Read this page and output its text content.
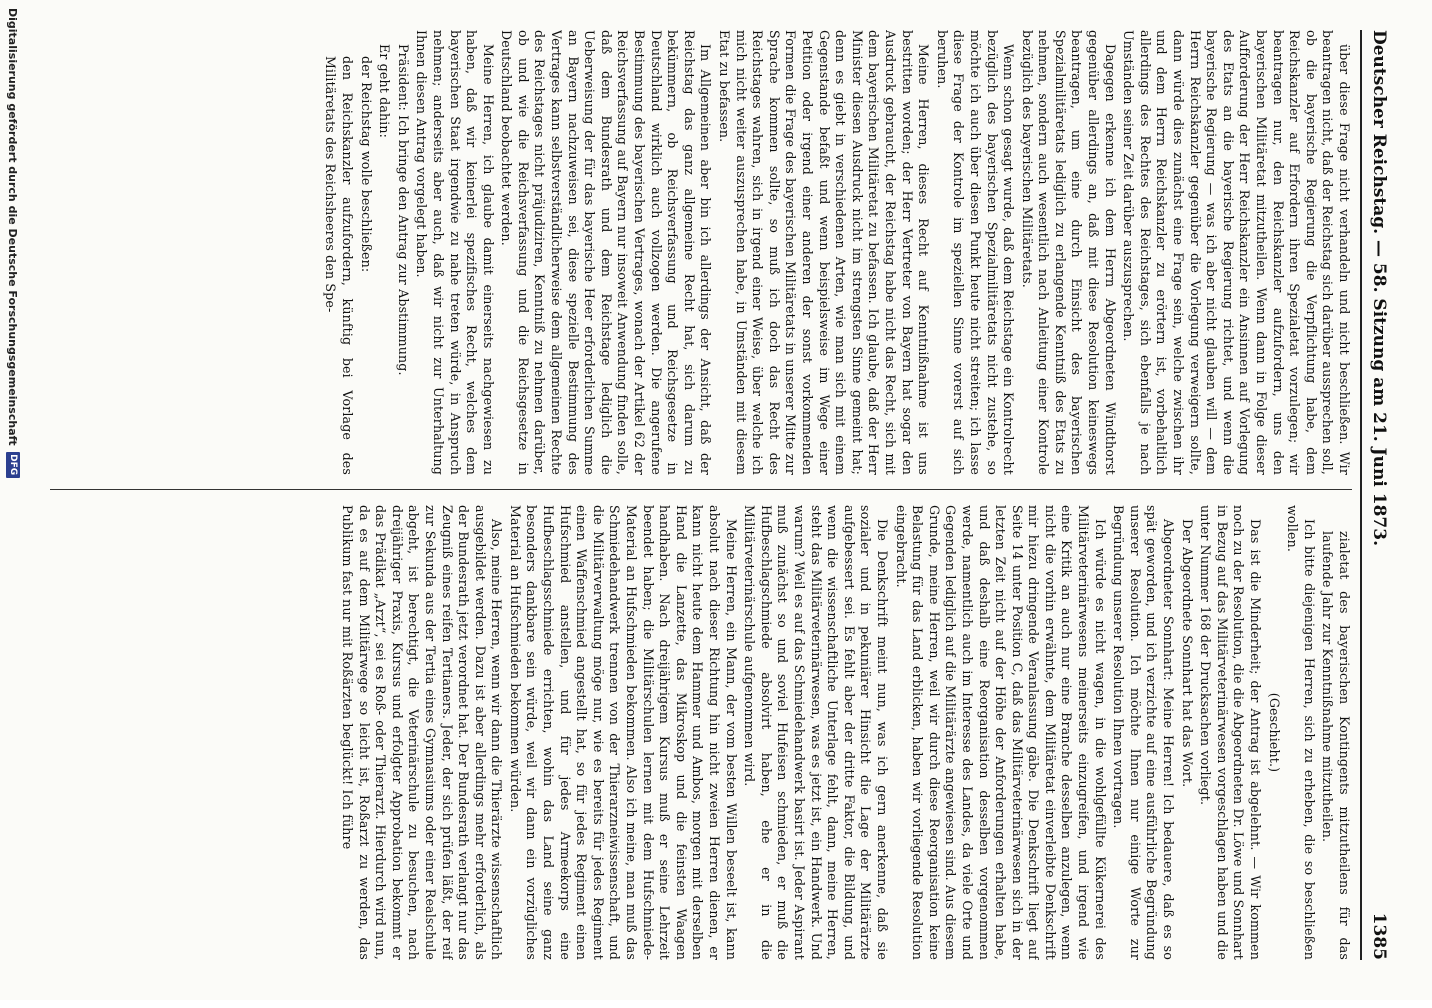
Deutscher Reichstag. — 58. Sitzung am 21. Juni 1873.
1385

über diese Frage nicht verhandeln und nicht beschließen. Wir beantragen nicht, daß der Reichstag sich darüber aussprechen soll, ob die bayerische Regierung die Verpflichtung habe, dem Reichskanzler auf Erfordern ihren Spezialetat vorzulegen; wir beantragen nur, den Reichskanzler aufzufordern, uns den bayerischen Militäretat mitzutheilen. Wenn dann in Folge dieser Aufforderung der Herr Reichskanzler ein Ansinnen auf Vorlegung des Etats an die bayerische Regierung richtet, und wenn die bayerische Regierung — was ich aber nicht glauben will — dem Herrn Reichskanzler gegenüber die Vorlegung verweigern sollte, dann würde dies zunächst eine Frage sein, welche zwischen ihr und dem Herrn Reichskanzler zu erörtern ist, vorbehaltlich allerdings des Rechtes des Reichstages, sich ebenfalls je nach Umständen seiner Zeit darüber auszusprechen.

Dagegen erkenne ich dem Herrn Abgeordneten Windthorst gegenüber allerdings an, daß mit diese Resolution keineswegs beantragen, um eine durch Einsicht des bayerischen Spezialmilitäretats lediglich zu erlangende Kenntniß des Etats zu nehmen, sondern auch wesentlich nach Anleitung einer Kontrole bezüglich des bayerischen Militäretats.

Wenn schon gesagt wurde, daß dem Reichstage ein Kontrolrecht bezüglich des bayerischen Spezialmilitäretats nicht zustehe, so möchte ich auch über diesen Punkt heute nicht streiten; ich lasse diese Frage der Kontrole im speziellen Sinne vorerst auf sich beruhen.

Meine Herren, dieses Recht auf Kenntnißnahme ist uns bestritten worden; der Herr Vertreter von Bayern hat sogar den Ausdruck gebraucht, der Reichstag habe nicht das Recht, sich mit dem bayerischen Militäretat zu befassen. Ich glaube, daß der Herr Minister diesen Ausdruck nicht im strengsten Sinne gemeint hat; denn es giebt in verschiedenen Arten, wie man sich mit einem Gegenstande befaßt und wenn beispielsweise im Wege einer Petition oder irgend einer anderen der sonst vorkommenden Formen die Frage des bayerischen Militäretats in unserer Mitte zur Sprache kommen sollte, so muß ich doch das Recht des Reichstages wahren, sich in irgend einer Weise, über welche ich mich nicht weiter auszusprechen habe, in Umständen mit diesem Etat zu befassen.

Im Allgemeinen aber bin ich allerdings der Ansicht, daß der Reichstag das ganz allgemeine Recht hat, sich darum zu bekümmern, ob Reichsverfassung und Reichsgesetze in Deutschland wirklich auch vollzogen werden. Die angerufene Bestimmung des bayerischen Vertrages, wonach der Artikel 62 der Reichsverfassung auf Bayern nur insoweit Anwendung finden solle, daß dem Bundesrath und dem Reichstage lediglich die Ueberweisung der für das bayerische Heer erforderlichen Summe an Bayern nachzuweisen sei, diese spezielle Bestimmung des Vertrages kann selbstverständlicherweise dem allgemeinen Rechte des Reichstages nicht präjudiziren, Kenntniß zu nehmen darüber, ob und wie die Reichsverfassung und die Reichsgesetze in Deutschland beobachtet werden.

Meine Herren, ich glaube damit einerseits nachgewiesen zu haben, daß wir keinerlei spezifisches Recht, welches dem bayerischen Staat irgendwie zu nahe treten würde, in Anspruch nehmen; anderseits aber auch, daß wir nicht zur Unterhaltung Ihnen diesen Antrag vorgelegt haben.

Präsident: Ich bringe den Antrag zur Abstimmung.

Er geht dahin:

der Reichstag wolle beschließen:

den Reichskanzler aufzufordern, künftig bei Vorlage des Militäretats des Reichsheeres den Spe-

zialetat des bayerischen Kontingents mitzutheilens für das laufende Jahr zur Kenntnißnahme mitzutheilen.

Ich bitte diejenigen Herren, sich zu erheben, die so beschließen wollen.

(Geschieht.)

Das ist die Minderheit; der Antrag ist abgelehnt. — Wir kommen noch zu der Resolution, die die Abgeordneten Dr. Löwe und Sonnhart in Bezug auf das Militärveterinärwesen vorgeschlagen haben und die unter Nummer 168 der Drucksachen vorliegt.

Der Abgeordnete Sonnhart hat das Wort.

Abgeordneter Sonnhart: Meine Herren! Ich bedauere, daß es so spät geworden, und ich verzichte auf eine ausführliche Begründung unserer Resolution. Ich möchte Ihnen nur einige Worte zur Begründung unserer Resolution Ihnen vortragen.

Ich würde es nicht wagen, in die wohlgefüllte Kükernerei des Militärveterinärwesens meinerseits einzugreifen, und irgend wie eine Kritik an auch nur eine Branche desselben anzulegen, wenn nicht die vorhin erwähnte, dem Militäretat einverleibte Denkschrift mir hiezu dringende Veranlassung gäbe. Die Denkschrift liegt auf Seite 14 unter Position C, daß das Militärveterinärwesen sich in der letzten Zeit nicht auf der Höhe der Anforderungen erhalten habe, und daß deshalb eine Reorganisation desselben vorgenommen werde, namentlich auch im Interesse des Landes, da viele Orte und Gegenden lediglich auf die Militärärzte angewiesen sind. Aus diesem Grunde, meine Herren, weil wir durch diese Reorganisation keine Belastung für das Land erblicken, haben wir vorliegende Resolution eingebracht.

Die Denkschrift meint nun, was ich gern anerkenne, daß sie sozialer und in pekuniärer Hinsicht die Lage der Militärärzte aufgebessert sei. Es fehlt aber der dritte Faktor, die Bildung, und wenn die wissenschaftliche Unterlage fehlt, dann, meine Herren, steht das Militärveterinärwesen, was es jetzt ist, ein Handwerk. Und warum? Weil es auf das Schmiedehandwerk basirt ist. Jeder Aspirant muß zunächst so und soviel Hufeisen schmieden, er muß die Hufbeschlagschmiede absolvirt haben, ehe er in die Militärveterinärschule aufgenommen wird.

Meine Herren, ein Mann, der vom besten Willen beseelt ist, kann absolut nach dieser Richtung hin nicht zweien Herren dienen, er kann nicht heute dem Hammer und Ambos, morgen mit derselben Hand die Lanzette, das Mikroskop und die feinsten Waagen handhaben. Nach dreijährigem Kursus muß er seine Lehrzeit beendet haben; die Militärschulen lernen mit dem Hufschmiede-Material an Hufschmieden bekommen. Also ich meine, man muß das Schmiedehandwerk trennen von der Thierarzneiwissenschaft, und die Militärverwaltung möge nur, wie es bereits für jedes Regiment einen Waffenschmied angestellt hat, so für jedes Regiment einen Hufschmied anstellen, und für jedes Armeekorps eine Hufbeschlagsschmiede errichten, wohin das Land seine ganz besonders dankbare sein würde, weil wir dann ein vorzügliches Material an Hufschmieden bekommen würden.

Also, meine Herren, wenn wir dann die Thierärzte wissenschaftlich ausgebildet werden. Dazu ist aber allerdings mehr erforderlich, als der Bundesrath jetzt verordnet hat. Der Bundesrath verlangt nur das Zeugniß eines reifen Tertianers. Jeder, der sich prüfen läßt, der reif zur Sekunda aus der Tertia eines Gymnasiums oder einer Realschule abgeht, ist berechtigt, die Veterinärschule zu besuchen, nach dreijähriger Praxis, Kursus und erfolgter Approbation bekommt er das Prädikat „Arzt“, sei es Roß- oder Thierarzt. Hierdurch wird nun, da es auf dem Militärwege so leicht ist, Roßarzt zu werden, das Publikum fast nur mit Roßärzten beglückt! Ich führe

Digitalisierung gefördert durch die Deutsche Forschungsgemeinschaft
DFG
